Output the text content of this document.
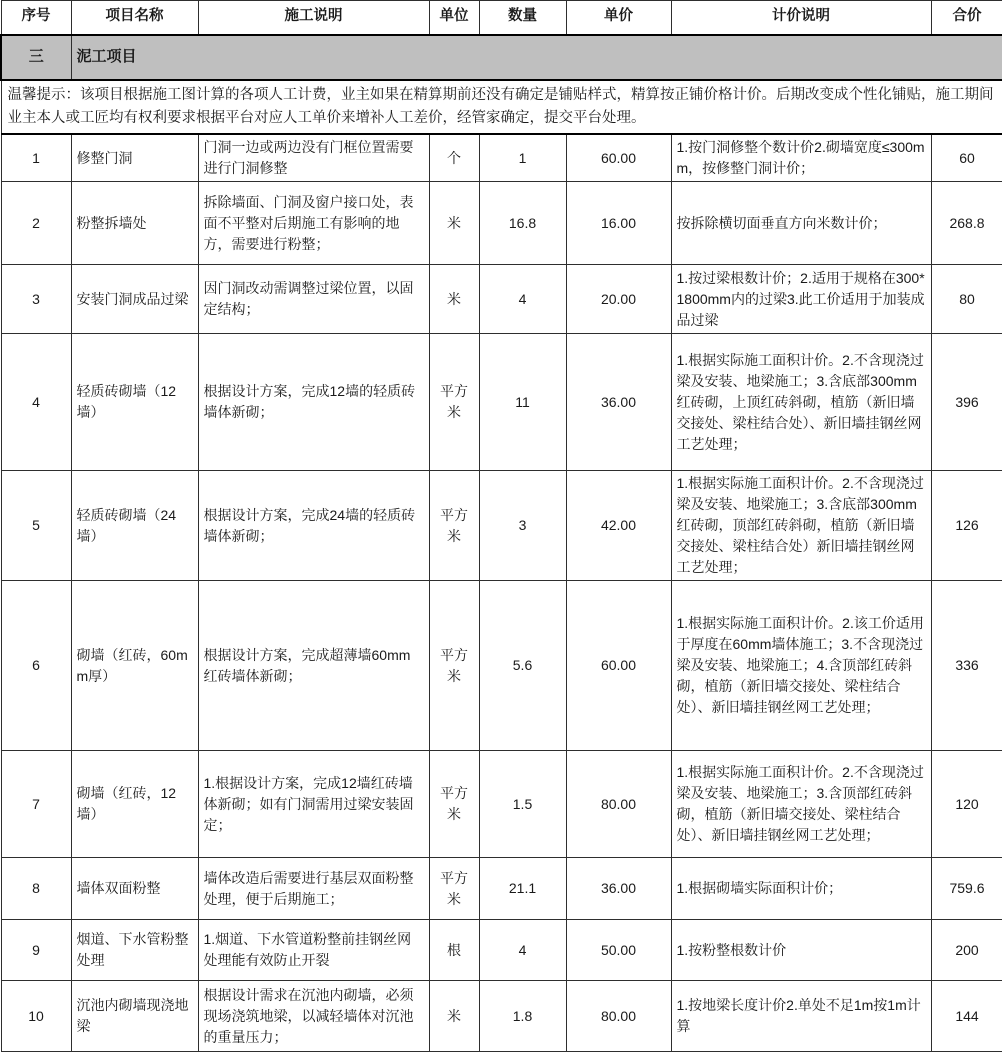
序号	项目名称	施工说明	单位	数量	单价	计价说明	合价
三	泥工项目						
温馨提示：该项目根据施工图计算的各项人工计费，业主如果在精算期前还没有确定是铺贴样式，精算按正铺价格计价。后期改变成个性化铺贴，施工期间业主本人或工匠均有权利要求根据平台对应人工单价来增补人工差价，经管家确定，提交平台处理。							
1	修整门洞	门洞一边或两边没有门框位置需要进行门洞修整	个	1	60.00	1.按门洞修整个数计价2.砌墙宽度≤300mm，按修整门洞计价；	60
2	粉整拆墙处	拆除墙面、门洞及窗户接口处，表面不平整对后期施工有影响的地方，需要进行粉整；	米	16.8	16.00	按拆除横切面垂直方向米数计价；	268.8
3	安装门洞成品过梁	因门洞改动需调整过梁位置，以固定结构；	米	4	20.00	1.按过梁根数计价；2.适用于规格在300*1800mm内的过梁3.此工价适用于加装成品过梁	80
4	轻质砖砌墙（12墙）	根据设计方案，完成12墙的轻质砖墙体新砌；	平方米	11	36.00	1.根据实际施工面积计价。2.不含现浇过梁及安装、地梁施工；3.含底部300mm红砖砌，上顶红砖斜砌，植筋（新旧墙交接处、梁柱结合处）、新旧墙挂钢丝网工艺处理；	396
5	轻质砖砌墙（24墙）	根据设计方案，完成24墙的轻质砖墙体新砌；	平方米	3	42.00	1.根据实际施工面积计价。2.不含现浇过梁及安装、地梁施工；3.含底部300mm红砖砌，顶部红砖斜砌，植筋（新旧墙交接处、梁柱结合处）新旧墙挂钢丝网工艺处理；	126
6	砌墙（红砖，60mm厚）	根据设计方案，完成超薄墙60mm红砖墙体新砌；	平方米	5.6	60.00	1.根据实际施工面积计价。2.该工价适用于厚度在60mm墙体施工；3.不含现浇过梁及安装、地梁施工；4.含顶部红砖斜砌，植筋（新旧墙交接处、梁柱结合处）、新旧墙挂钢丝网工艺处理；	336
7	砌墙（红砖，12墙）	1.根据设计方案，完成12墙红砖墙体新砌；如有门洞需用过梁安装固定；	平方米	1.5	80.00	1.根据实际施工面积计价。2.不含现浇过梁及安装、地梁施工；3.含顶部红砖斜砌，植筋（新旧墙交接处、梁柱结合处）、新旧墙挂钢丝网工艺处理；	120
8	墙体双面粉整	墙体改造后需要进行基层双面粉整处理，便于后期施工；	平方米	21.1	36.00	1.根据砌墙实际面积计价；	759.6
9	烟道、下水管粉整处理	1.烟道、下水管道粉整前挂钢丝网处理能有效防止开裂	根	4	50.00	1.按粉整根数计价	200
10	沉池内砌墙现浇地梁	根据设计需求在沉池内砌墙，必须现场浇筑地梁，以减轻墙体对沉池的重量压力；	米	1.8	80.00	1.按地梁长度计价2.单处不足1m按1m计算	144
